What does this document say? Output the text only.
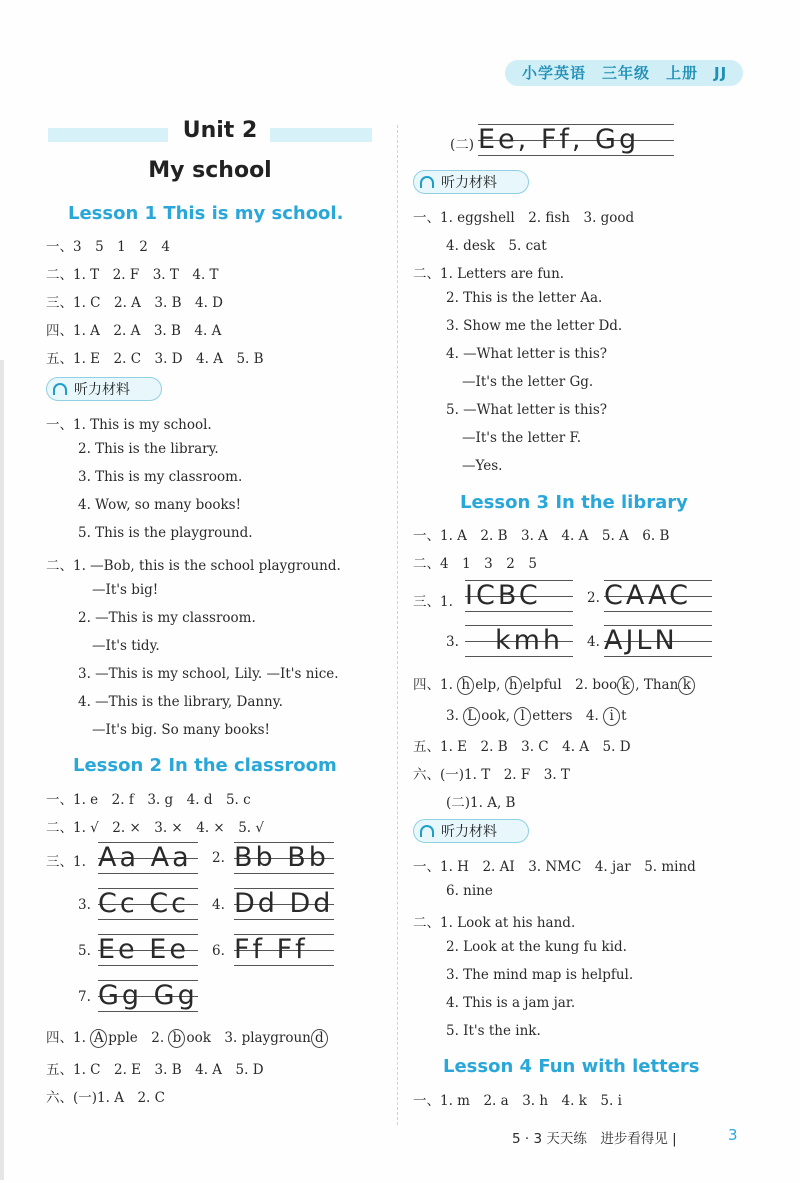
小学英语　三年级　上册　JJ
Unit 2
My school
Lesson 1 This is my school.
一、3　5　1　2　4
二、1. T　2. F　3. T　4. T
三、1. C　2. A　3. B　4. D
四、1. A　2. A　3. B　4. A
五、1. E　2. C　3. D　4. A　5. B
听力材料
一、1. This is my school.
2. This is the library.
3. This is my classroom.
4. Wow, so many books!
5. This is the playground.
二、1. —Bob, this is the school playground.
—It's big!
2. —This is my classroom.
—It's tidy.
3. —This is my school, Lily. —It's nice.
4. —This is the library, Danny.
—It's big. So many books!
Lesson 2 In the classroom
一、1. e　2. f　3. g　4. d　5. c
二、1. √　2. ×　3. ×　4. ×　5. √
三、1. Aa Aa	2. Bb Bb
3. Cc Cc	4. Dd Dd
5. Ee Ee	6. Ff Ff
7. Gg Gg
四、1. A pple　 2. b ook　 3. playgroun d
五、1. C　2. E　3. B　4. A　5. D
六、(一)1. A　2. C
(二) Ee, Ff, Gg
听力材料
一、1. eggshell　2. fish　3. good
4. desk　5. cat
二、1. Letters are fun.
2. This is the letter Aa.
3. Show me the letter Dd.
4. —What letter is this?
—It's the letter Gg.
5. —What letter is this?
—It's the letter F.
—Yes.
Lesson 3 In the library
一、1. A　2. B　3. A　4. A　5. A　6. B
二、4　1　3　2　5
三、1. ICBC	2. CAAC
3.	kmh	4. AJLN
四、1. h elp, h elpful　2. boo k , Than k
3. L ook, l etters　4. i t
五、1. E　2. B　3. C　4. A　5. D
六、(一)1. T　2. F　3. T
(二)1. A, B
听力材料
一、1. H　2. AI　3. NMC　4. jar　5. mind
6. nine
二、1. Look at his hand.
2. Look at the kung fu kid.
3. The mind map is helpful.
4. This is a jam jar.
5. It's the ink.
Lesson 4 Fun with letters
一、1. m　2. a　3. h　4. k　5. i
5 · 3 天天练　进步看得见 |	3
